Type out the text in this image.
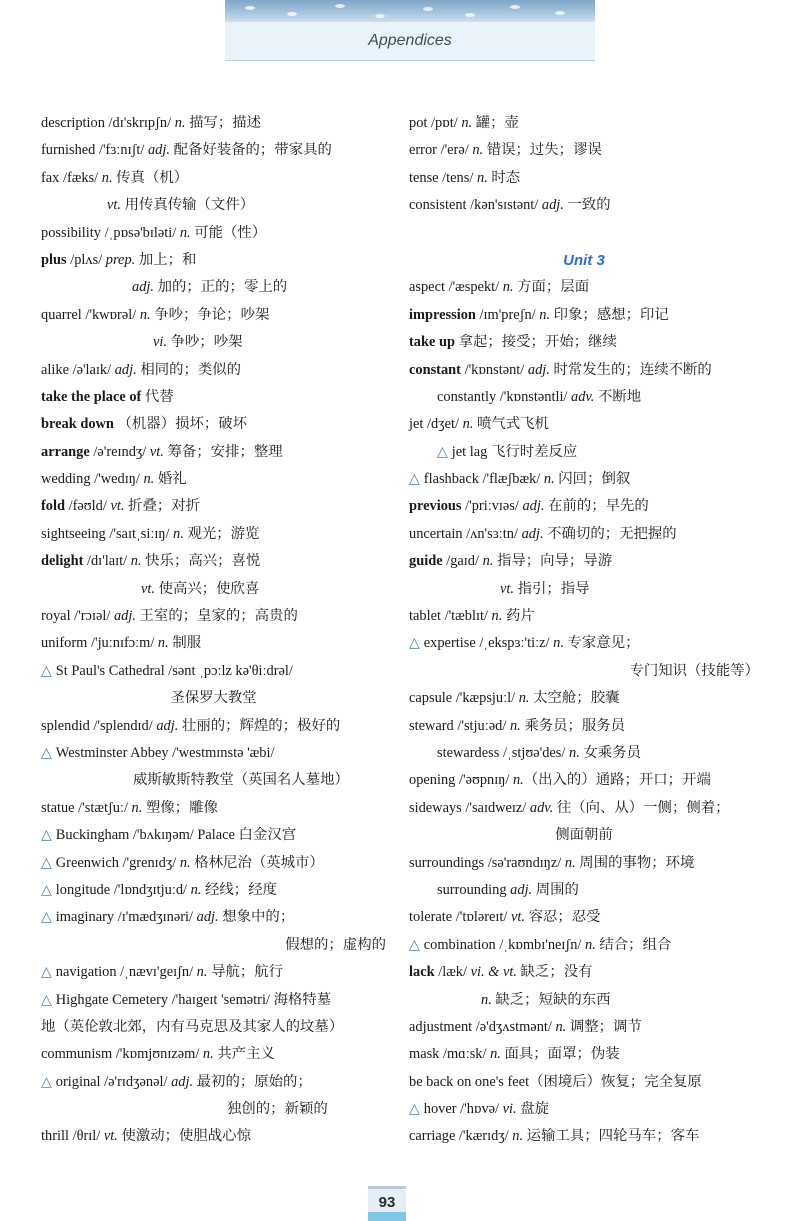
Appendices
description /dɪ'skrɪpʃn/ n. 描写；描述
furnished /'fɜːnɪʃt/ adj. 配备好装备的；带家具的
fax /fæks/ n. 传真（机）
vt. 用传真传输（文件）
possibility /ˌpɒsə'bɪləti/ n. 可能（性）
plus /plʌs/ prep. 加上；和
adj. 加的；正的；零上的
quarrel /'kwɒrəl/ n. 争吵；争论；吵架
vi. 争吵；吵架
alike /ə'laɪk/ adj. 相同的；类似的
take the place of 代替
break down （机器）损坏；破坏
arrange /ə'reɪndʒ/ vt. 筹备；安排；整理
wedding /'wedɪŋ/ n. 婚礼
fold /fəʊld/ vt. 折叠；对折
sightseeing /'saɪtˌsiːɪŋ/ n. 观光；游览
delight /dɪ'laɪt/ n. 快乐；高兴；喜悦
vt. 使高兴；使欣喜
royal /'rɔɪəl/ adj. 王室的；皇家的；高贵的
uniform /'juːnɪfɔːm/ n. 制服
△ St Paul's Cathedral /sənt ˌpɔːlz kə'θiːdrəl/
圣保罗大教堂
splendid /'splendɪd/ adj. 壮丽的；辉煌的；极好的
△ Westminster Abbey /'westmɪnstə 'æbi/
威斯敏斯特教堂（英国名人墓地）
statue /'stætʃuː/ n. 塑像；雕像
△ Buckingham /'bʌkɪŋəm/ Palace 白金汉宫
△ Greenwich /'grenɪdʒ/ n. 格林尼治（英城市）
△ longitude /'lɒndʒɪtjuːd/ n. 经线；经度
△ imaginary /ɪ'mædʒɪnəri/ adj. 想象中的；
假想的；虚构的
△ navigation /ˌnævɪ'geɪʃn/ n. 导航；航行
△ Highgate Cemetery /'haɪgeɪt 'semətri/ 海格特墓
地（英伦敦北郊，内有马克思及其家人的坟墓）
communism /'kɒmjʊnɪzəm/ n. 共产主义
△ original /ə'rɪdʒənəl/ adj. 最初的；原始的；
独创的；新颖的
thrill /θrɪl/ vt. 使激动；使胆战心惊
pot /pɒt/ n. 罐；壶
error /'erə/ n. 错误；过失；谬误
tense /tens/ n. 时态
consistent /kən'sɪstənt/ adj. 一致的
Unit 3
aspect /'æspekt/ n. 方面；层面
impression /ɪm'preʃn/ n. 印象；感想；印记
take up 拿起；接受；开始；继续
constant /'kɒnstənt/ adj. 时常发生的；连续不断的
constantly /'kɒnstəntli/ adv. 不断地
jet /dʒet/ n. 喷气式飞机
△ jet lag 飞行时差反应
△ flashback /'flæʃbæk/ n. 闪回；倒叙
previous /'priːvɪəs/ adj. 在前的；早先的
uncertain /ʌn'sɜːtn/ adj. 不确切的；无把握的
guide /gaɪd/ n. 指导；向导；导游
vt. 指引；指导
tablet /'tæblɪt/ n. 药片
△ expertise /ˌekspɜː'tiːz/ n. 专家意见；
专门知识（技能等）
capsule /'kæpsjuːl/ n. 太空舱；胶囊
steward /'stjuːəd/ n. 乘务员；服务员
stewardess /ˌstjʊə'des/ n. 女乘务员
opening /'əʊpnɪŋ/ n.（出入的）通路；开口；开端
sideways /'saɪdweɪz/ adv. 往（向、从）一侧；侧着；
侧面朝前
surroundings /sə'raʊndɪŋz/ n. 周围的事物；环境
surrounding adj. 周围的
tolerate /'tɒləreɪt/ vt. 容忍；忍受
△ combination /ˌkɒmbɪ'neɪʃn/ n. 结合；组合
lack /læk/ vi. & vt. 缺乏；没有
n. 缺乏；短缺的东西
adjustment /ə'dʒʌstmənt/ n. 调整；调节
mask /mɑːsk/ n. 面具；面罩；伪装
be back on one's feet（困境后）恢复；完全复原
△ hover /'hɒvə/ vi. 盘旋
carriage /'kærɪdʒ/ n. 运输工具；四轮马车；客车
93
